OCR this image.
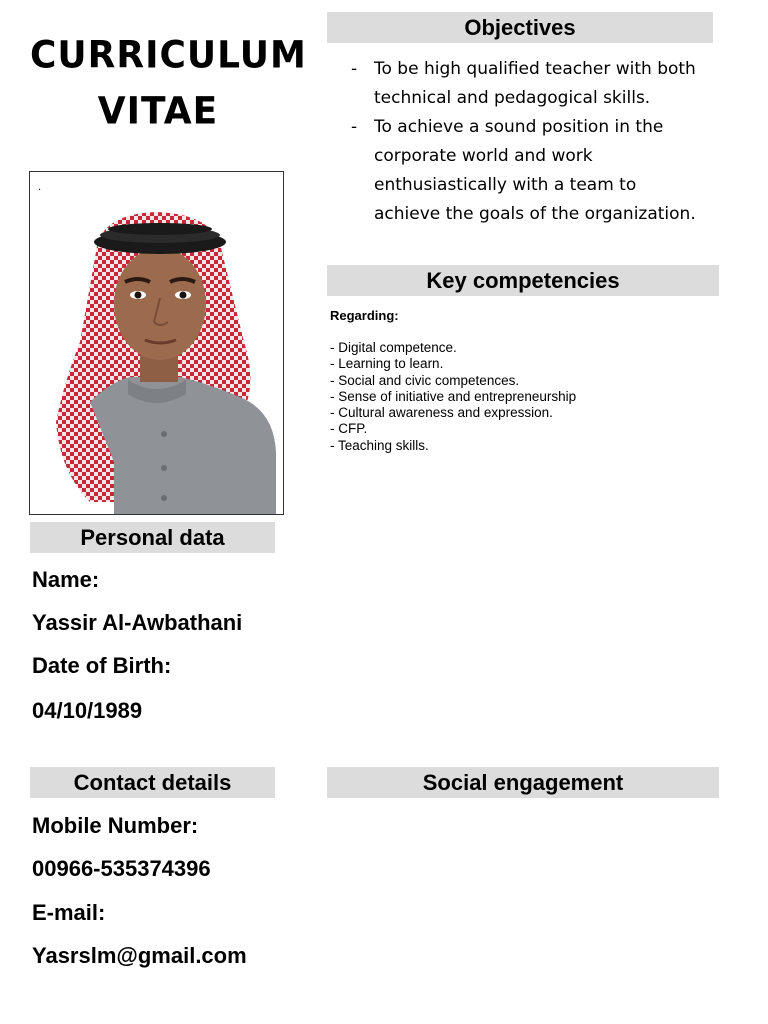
CURRICULUM
VITAE
.
Objectives
- To be high qualified teacher with both technical and pedagogical skills.
- To achieve a sound position in the corporate world and work enthusiastically with a team to achieve the goals of the organization.
Key competencies
Regarding:
- Digital competence.
- Learning to learn.
- Social and civic competences.
- Sense of initiative and entrepreneurship
- Cultural awareness and expression.
- CFP.
- Teaching skills.
Personal data
Name:
Yassir Al-Awbathani
Date of Birth:
04/10/1989
Contact details
Mobile Number:
00966-535374396
E-mail:
Yasrslm@gmail.com
Social engagement
